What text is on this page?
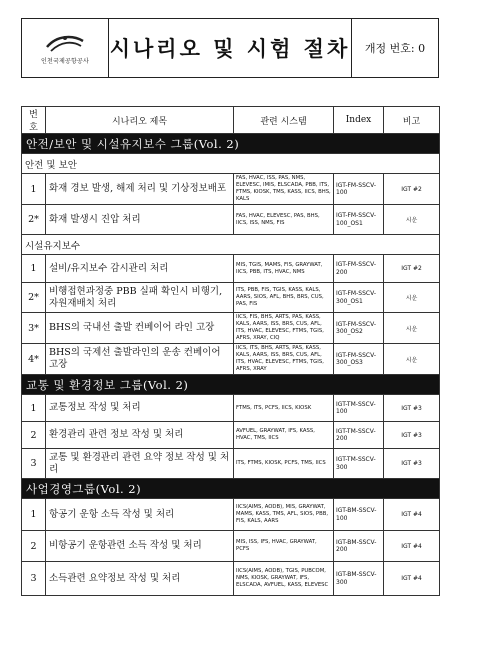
인천국제공항공사 시나리오 및 시험 절차	개정 번호: 0
번호	시나리오 제목	관련 시스템	Index	비고
안전/보안 및 시설유지보수 그룹(Vol. 2)				
안전 및 보안				
1	화재 경보 발생, 해제 처리 및 기상정보배포	FAS, HVAC, ISS, PAS, NMS, ELEVESC, IMIS, ELSCADA, PBB, ITS, FTMS, KIOSK, TMS, KASS, IICS, BHS, KALS	IGT-FM-SSCV-100	IGT #2
2*	화재 발생시 진압 처리	FAS, HVAC, ELEVESC, PAS, BHS, IICS, ISS, NMS, FIS	IGT-FM-SSCV-100_OS1	시운
시설유지보수				
1	설비/유지보수 감시관리 처리	MIS, TGIS, MAMS, FIS, GRAYWAT, IICS, PBB, ITS, HVAC, NMS	IGT-FM-SSCV-200	IGT #2
2*	비행접현과정중 PBB 실패 확인시 비행기, 자원재배치 처리	ITS, PBB, FIS, TGIS, KASS, KALS, AARS, SIOS, AFL, BHS, BRS, CUS, PAS, FIS	IGT-FM-SSCV-300_OS1	시운
3*	BHS의 국내선 출발 컨베이어 라인 고장	IICS, FIS, BHS, ARTS, PAS, KASS, KALS, AARS, ISS, BRS, CUS, AFL, ITS, HVAC, ELEVESC, FTMS, TGIS, AFRS, XRAY, CIQ	IGT-FM-SSCV-300_OS2	시운
4*	BHS의 국제선 출발라인의 운송 컨베이어 고장	IICS, ITS, BHS, ARTS, PAS, KASS, KALS, AARS, ISS, BRS, CUS, AFL, ITS, HVAC, ELEVESC, FTMS, TGIS, AFRS, XRAY	IGT-FM-SSCV-300_OS3	시운
교통 및 환경정보 그룹(Vol. 2)				
1	교통정보 작성 및 처리	FTMS, ITS, PCFS, IICS, KIOSK	IGT-TM-SSCV-100	IGT #3
2	환경관리 관련 정보 작성 및 처리	AVFUEL, GRAYWAT, IFS, KASS, HVAC, TMS, IICS	IGT-TM-SSCV-200	IGT #3
3	교통 및 환경관리 관련 요약 정보 작성 및 처리	ITS, FTMS, KIOSK, PCFS, TMS, IICS	IGT-TM-SSCV-300	IGT #3
사업경영그룹(Vol. 2)				
1	항공기 운항 소득 작성 및 처리	IICS(AIMS, AODB), MIS, GRAYWAT, MAMS, KASS, TMS, AFL, SIOS, PBB, FIS, KALS, AARS	IGT-BM-SSCV-100	IGT #4
2	비항공기 운항관련 소득 작성 및 처리	MIS, ISS, IFS, HVAC, GRAYWAT, PCFS	IGT-BM-SSCV-200	IGT #4
3	소득관련 요약정보 작성 및 처리	IICS(AIMS, AODB), TGIS, PUBCOM, NMS, KIOSK, GRAYWAT, IFS, ELSCADA, AVFUEL, KASS, ELEVESC	IGT-BM-SSCV-300	IGT #4
